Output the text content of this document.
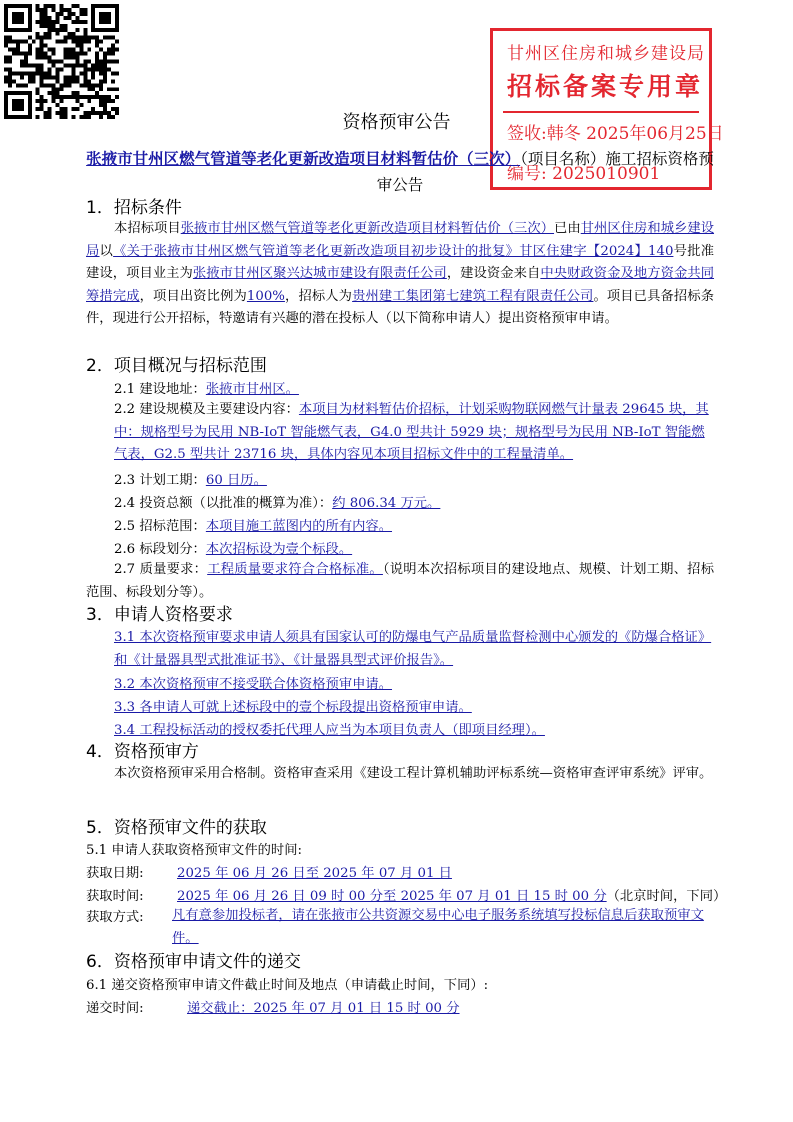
甘州区住房和城乡建设局
招标备案专用章
签收:韩冬 2025年06月25日
编号: 2025010901
资格预审公告
张掖市甘州区燃气管道等老化更新改造项目材料暂估价（三次）（项目名称）施工招标资格预审公告
1．招标条件
本招标项目张掖市甘州区燃气管道等老化更新改造项目材料暂估价（三次）已由甘州区住房和城乡建设局以《关于张掖市甘州区燃气管道等老化更新改造项目初步设计的批复》甘区住建字【2024】140号批准建设，项目业主为张掖市甘州区聚兴达城市建设有限责任公司，建设资金来自中央财政资金及地方资金共同筹措完成，项目出资比例为100%，招标人为贵州建工集团第七建筑工程有限责任公司。项目已具备招标条件，现进行公开招标，特邀请有兴趣的潜在投标人（以下简称申请人）提出资格预审申请。
2．项目概况与招标范围
2.1 建设地址：张掖市甘州区。
2.2 建设规模及主要建设内容：本项目为材料暂估价招标，计划采购物联网燃气计量表 29645 块，其中：规格型号为民用 NB-IoT 智能燃气表，G4.0 型共计 5929 块；规格型号为民用 NB-IoT 智能燃气表，G2.5 型共计 23716 块，具体内容见本项目招标文件中的工程量清单。
2.3 计划工期：60 日历。
2.4 投资总额（以批准的概算为准）：约 806.34 万元。
2.5 招标范围：本项目施工蓝图内的所有内容。
2.6 标段划分：本次招标设为壹个标段。
2.7 质量要求：工程质量要求符合合格标准。（说明本次招标项目的建设地点、规模、计划工期、招标范围、标段划分等）。
3．申请人资格要求
3.1 本次资格预审要求申请人须具有国家认可的防爆电气产品质量监督检测中心颁发的《防爆合格证》和《计量器具型式批准证书》、《计量器具型式评价报告》。
3.2 本次资格预审不接受联合体资格预审申请。
3.3 各申请人可就上述标段中的壹个标段提出资格预审申请。
3.4 工程投标活动的授权委托代理人应当为本项目负责人（即项目经理）。
4．资格预审方
本次资格预审采用合格制。资格审查采用《建设工程计算机辅助评标系统—资格审查评审系统》评审。
5．资格预审文件的获取
5.1 申请人获取资格预审文件的时间:
获取日期:	2025 年 06 月 26 日至 2025 年 07 月 01 日
获取时间:	2025 年 06 月 26 日 09 时 00 分至 2025 年 07 月 01 日 15 时 00 分（北京时间，下同）
获取方式: 凡有意参加投标者，请在张掖市公共资源交易中心电子服务系统填写投标信息后获取预审文件。
6．资格预审申请文件的递交
6.1 递交资格预审申请文件截止时间及地点（申请截止时间，下同）:
递交时间:	递交截止：2025 年 07 月 01 日 15 时 00 分
